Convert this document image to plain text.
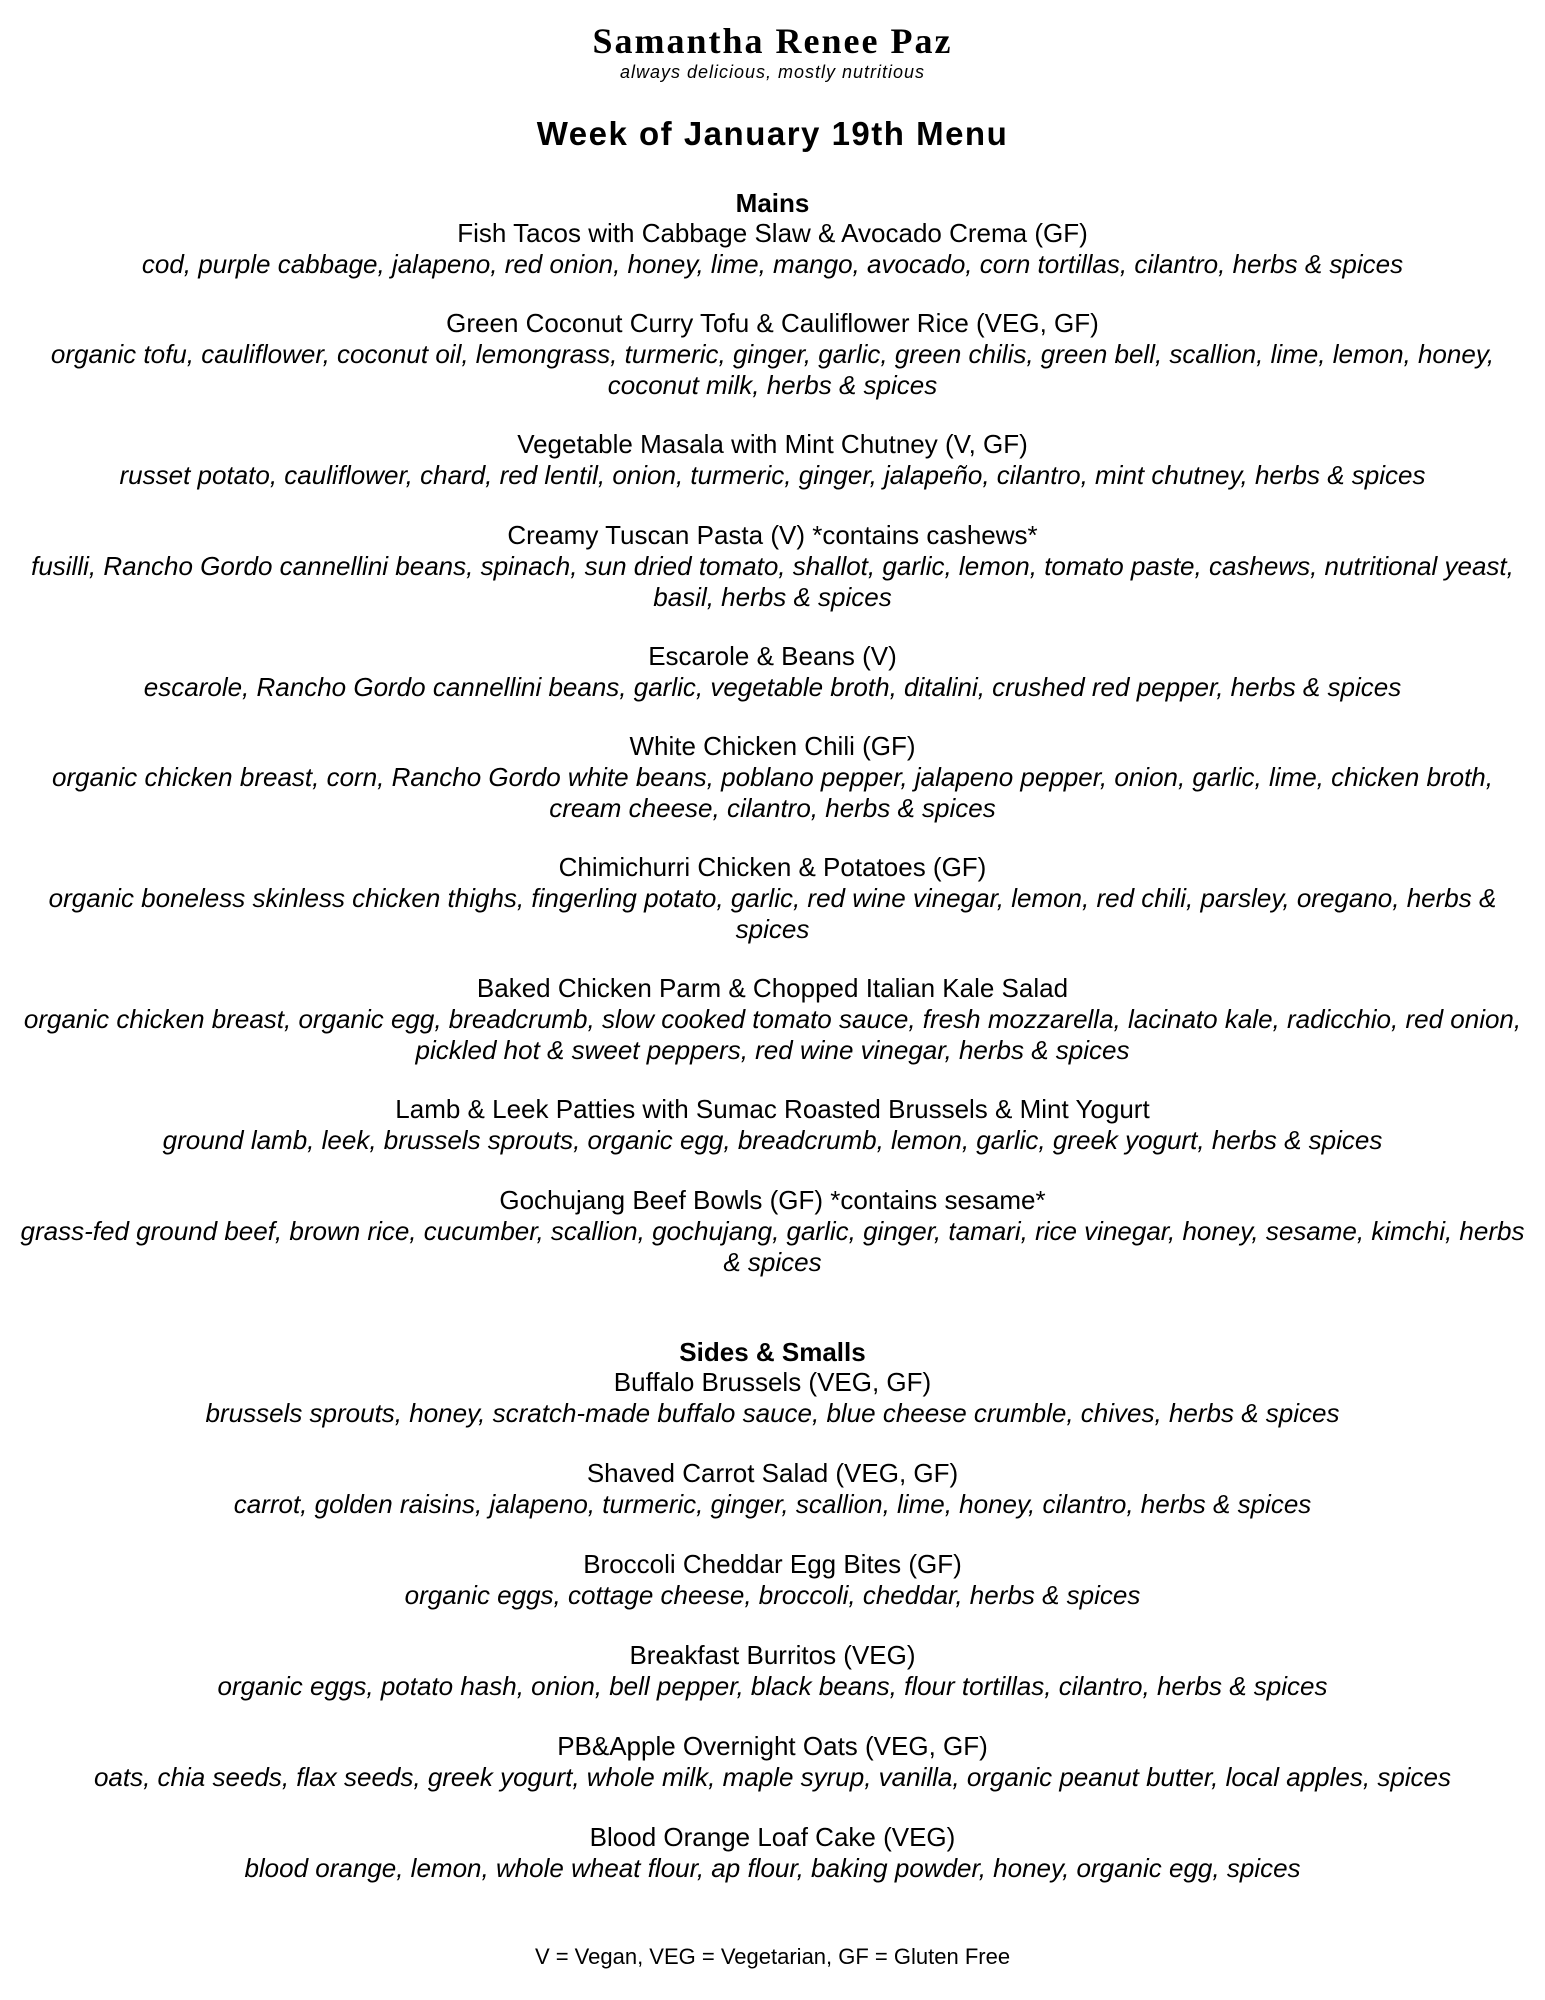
Samantha Renee Paz
always delicious, mostly nutritious
Week of January 19th Menu
Mains
Fish Tacos with Cabbage Slaw & Avocado Crema (GF)
cod, purple cabbage, jalapeno, red onion, honey, lime, mango, avocado, corn tortillas, cilantro, herbs & spices
Green Coconut Curry Tofu & Cauliflower Rice (VEG, GF)
organic tofu, cauliflower, coconut oil, lemongrass, turmeric, ginger, garlic, green chilis, green bell, scallion, lime, lemon, honey, coconut milk, herbs & spices
Vegetable Masala with Mint Chutney (V, GF)
russet potato, cauliflower, chard, red lentil, onion, turmeric, ginger, jalapeño, cilantro, mint chutney, herbs & spices
Creamy Tuscan Pasta (V) *contains cashews*
fusilli, Rancho Gordo cannellini beans, spinach, sun dried tomato, shallot, garlic, lemon, tomato paste, cashews, nutritional yeast, basil, herbs & spices
Escarole & Beans (V)
escarole, Rancho Gordo cannellini beans, garlic, vegetable broth, ditalini, crushed red pepper, herbs & spices
White Chicken Chili (GF)
organic chicken breast, corn, Rancho Gordo white beans, poblano pepper, jalapeno pepper, onion, garlic, lime, chicken broth, cream cheese, cilantro, herbs & spices
Chimichurri Chicken & Potatoes (GF)
organic boneless skinless chicken thighs, fingerling potato, garlic, red wine vinegar, lemon, red chili, parsley, oregano, herbs & spices
Baked Chicken Parm & Chopped Italian Kale Salad
organic chicken breast, organic egg, breadcrumb, slow cooked tomato sauce, fresh mozzarella, lacinato kale, radicchio, red onion, pickled hot & sweet peppers, red wine vinegar, herbs & spices
Lamb & Leek Patties with Sumac Roasted Brussels & Mint Yogurt
ground lamb, leek, brussels sprouts, organic egg, breadcrumb, lemon, garlic, greek yogurt, herbs & spices
Gochujang Beef Bowls (GF) *contains sesame*
grass-fed ground beef, brown rice, cucumber, scallion, gochujang, garlic, ginger, tamari, rice vinegar, honey, sesame, kimchi, herbs & spices
Sides & Smalls
Buffalo Brussels (VEG, GF)
brussels sprouts, honey, scratch-made buffalo sauce, blue cheese crumble, chives, herbs & spices
Shaved Carrot Salad (VEG, GF)
carrot, golden raisins, jalapeno, turmeric, ginger, scallion, lime, honey, cilantro, herbs & spices
Broccoli Cheddar Egg Bites (GF)
organic eggs, cottage cheese, broccoli, cheddar, herbs & spices
Breakfast Burritos (VEG)
organic eggs, potato hash, onion, bell pepper, black beans, flour tortillas, cilantro, herbs & spices
PB&Apple Overnight Oats (VEG, GF)
oats, chia seeds, flax seeds, greek yogurt, whole milk, maple syrup, vanilla, organic peanut butter, local apples, spices
Blood Orange Loaf Cake (VEG)
blood orange, lemon, whole wheat flour, ap flour, baking powder, honey, organic egg, spices
V = Vegan, VEG = Vegetarian, GF = Gluten Free
